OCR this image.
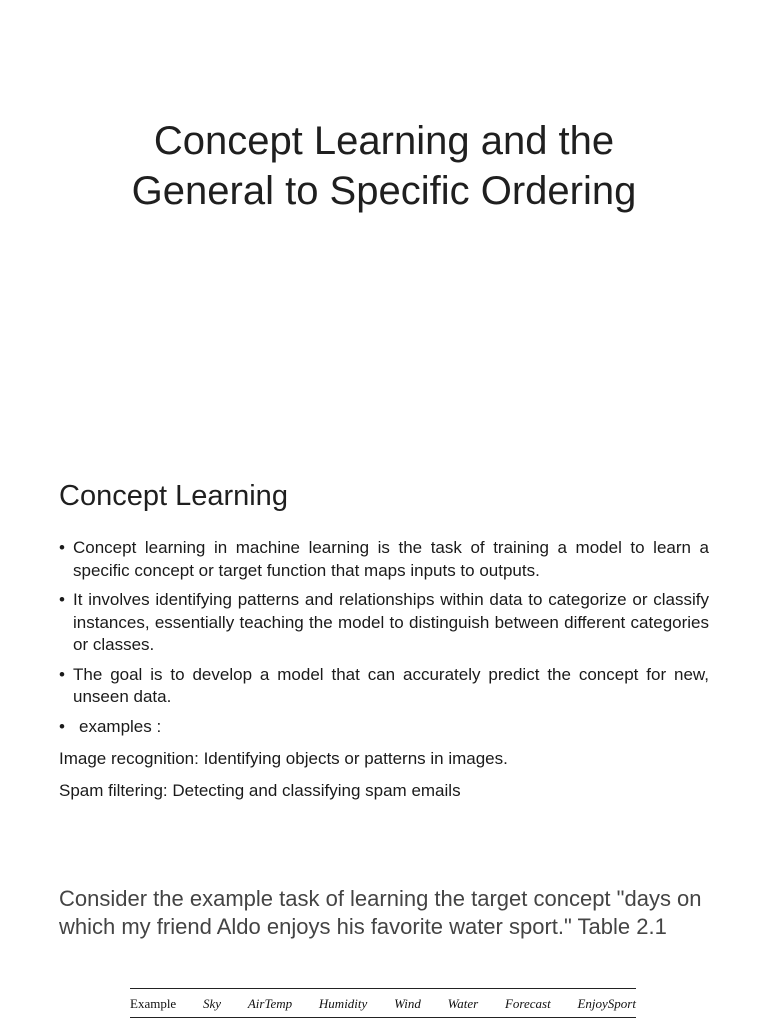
Concept Learning and the
General to Specific Ordering
Concept Learning
• Concept learning in machine learning is the task of training a model to learn a specific concept or target function that maps inputs to outputs.
• It involves identifying patterns and relationships within data to categorize or classify instances, essentially teaching the model to distinguish between different categories or classes.
• The goal is to develop a model that can accurately predict the concept for new, unseen data.
• examples :
Image recognition: Identifying objects or patterns in images.
Spam filtering: Detecting and classifying spam emails
Consider the example task of learning the target concept "days on which my friend Aldo enjoys his favorite water sport." Table 2.1
Example Sky AirTemp Humidity Wind Water Forecast EnjoySport
